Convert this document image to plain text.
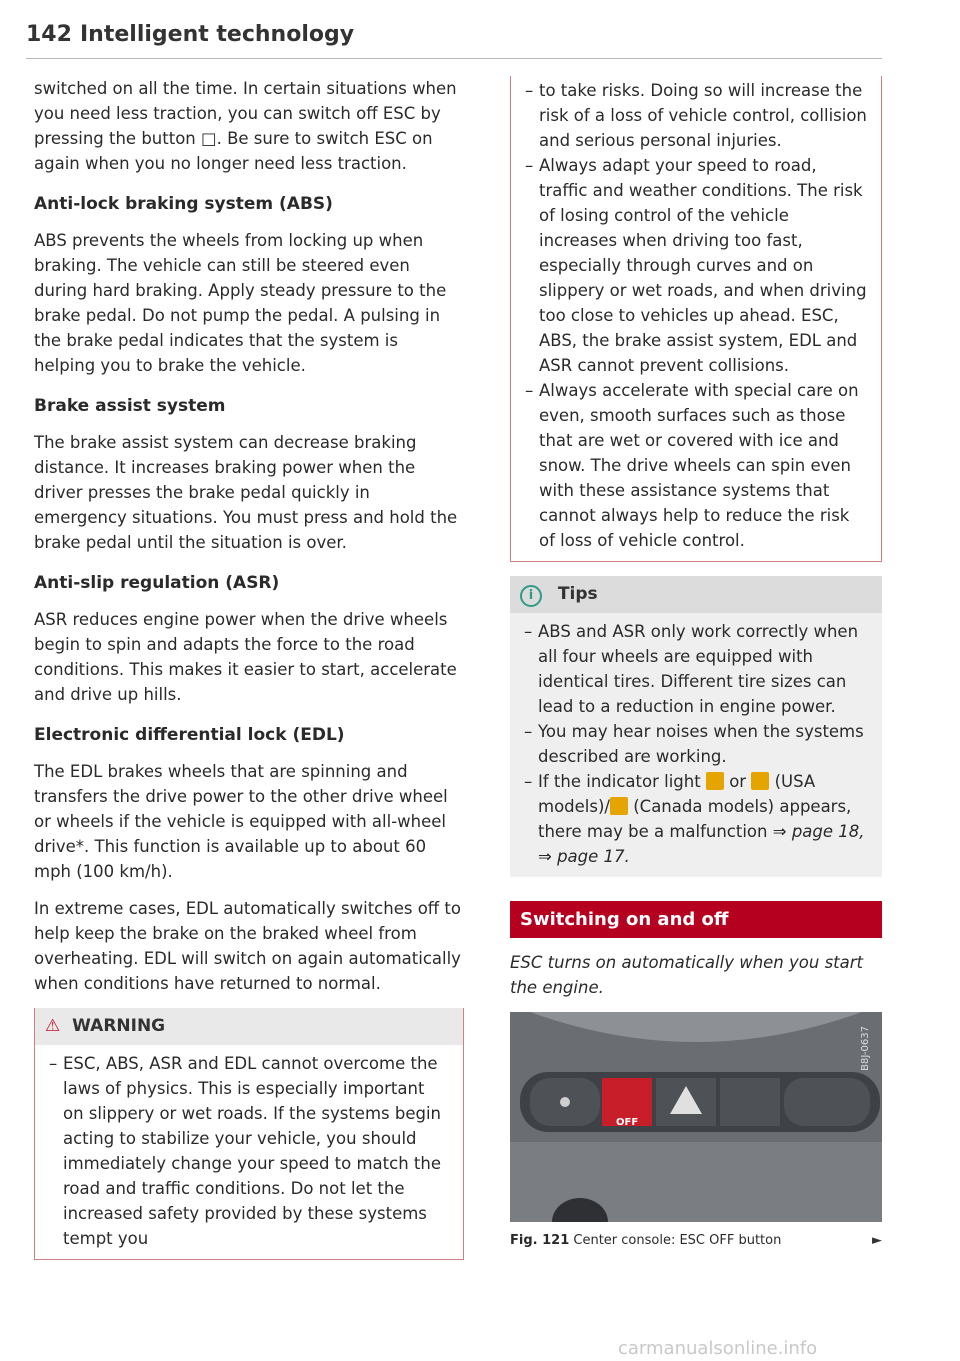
142 Intelligent technology

switched on all the time. In certain situations when you need less traction, you can switch off ESC by pressing the button □. Be sure to switch ESC on again when you no longer need less traction.

Anti-lock braking system (ABS)

ABS prevents the wheels from locking up when braking. The vehicle can still be steered even during hard braking. Apply steady pressure to the brake pedal. Do not pump the pedal. A pulsing in the brake pedal indicates that the system is helping you to brake the vehicle.

Brake assist system

The brake assist system can decrease braking distance. It increases braking power when the driver presses the brake pedal quickly in emergency situations. You must press and hold the brake pedal until the situation is over.

Anti-slip regulation (ASR)

ASR reduces engine power when the drive wheels begin to spin and adapts the force to the road conditions. This makes it easier to start, accelerate and drive up hills.

Electronic differential lock (EDL)

The EDL brakes wheels that are spinning and transfers the drive power to the other drive wheel or wheels if the vehicle is equipped with all-wheel drive*. This function is available up to about 60 mph (100 km/h).

In extreme cases, EDL automatically switches off to help keep the brake on the braked wheel from overheating. EDL will switch on again automatically when conditions have returned to normal.

⚠ WARNING
– ESC, ABS, ASR and EDL cannot overcome the laws of physics. This is especially important on slippery or wet roads. If the systems begin acting to stabilize your vehicle, you should immediately change your speed to match the road and traffic conditions. Do not let the increased safety provided by these systems tempt you
– to take risks. Doing so will increase the risk of a loss of vehicle control, collision and serious personal injuries.
– Always adapt your speed to road, traffic and weather conditions. The risk of losing control of the vehicle increases when driving too fast, especially through curves and on slippery or wet roads, and when driving too close to vehicles up ahead. ESC, ABS, the brake assist system, EDL and ASR cannot prevent collisions.
– Always accelerate with special care on even, smooth surfaces such as those that are wet or covered with ice and snow. The drive wheels can spin even with these assistance systems that cannot always help to reduce the risk of loss of vehicle control.
i Tips
– ABS and ASR only work correctly when all four wheels are equipped with identical tires. Different tire sizes can lead to a reduction in engine power.
– You may hear noises when the systems described are working.
– If the indicator light or (USA models)/ (Canada models) appears, there may be a malfunction ⇒ page 18, ⇒ page 17.
Switching on and off

ESC turns on automatically when you start the engine.

OFF
B8J-0637
Fig. 121 Center console: ESC OFF button	►
carmanualsonline.info
